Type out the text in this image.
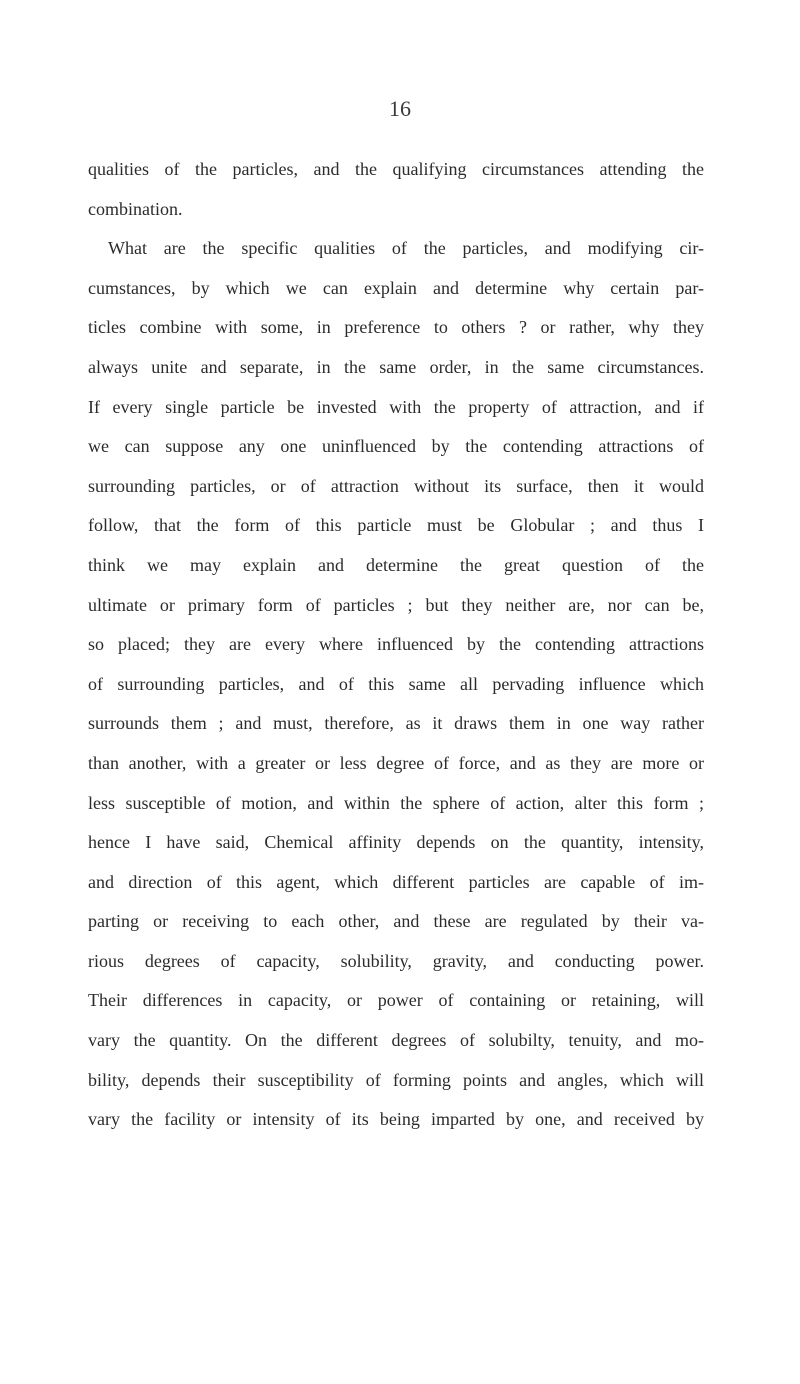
16
qualities of the particles, and the qualifying circumstances attending the
combination.
What are the specific qualities of the particles, and modifying cir-
cumstances, by which we can explain and determine why certain par-
ticles combine with some, in preference to others ? or rather, why they
always unite and separate, in the same order, in the same circumstances.
If every single particle be invested with the property of attraction, and if
we can suppose any one uninfluenced by the contending attractions of
surrounding particles, or of attraction without its surface, then it would
follow, that the form of this particle must be Globular ; and thus I
think we may explain and determine the great question of the
ultimate or primary form of particles ; but they neither are, nor can be,
so placed; they are every where influenced by the contending attractions
of surrounding particles, and of this same all pervading influence which
surrounds them ; and must, therefore, as it draws them in one way rather
than another, with a greater or less degree of force, and as they are more or
less susceptible of motion, and within the sphere of action, alter this form ;
hence I have said, Chemical affinity depends on the quantity, intensity,
and direction of this agent, which different particles are capable of im-
parting or receiving to each other, and these are regulated by their va-
rious degrees of capacity, solubility, gravity, and conducting power.
Their differences in capacity, or power of containing or retaining, will
vary the quantity. On the different degrees of solubilty, tenuity, and mo-
bility, depends their susceptibility of forming points and angles, which will
vary the facility or intensity of its being imparted by one, and received by
